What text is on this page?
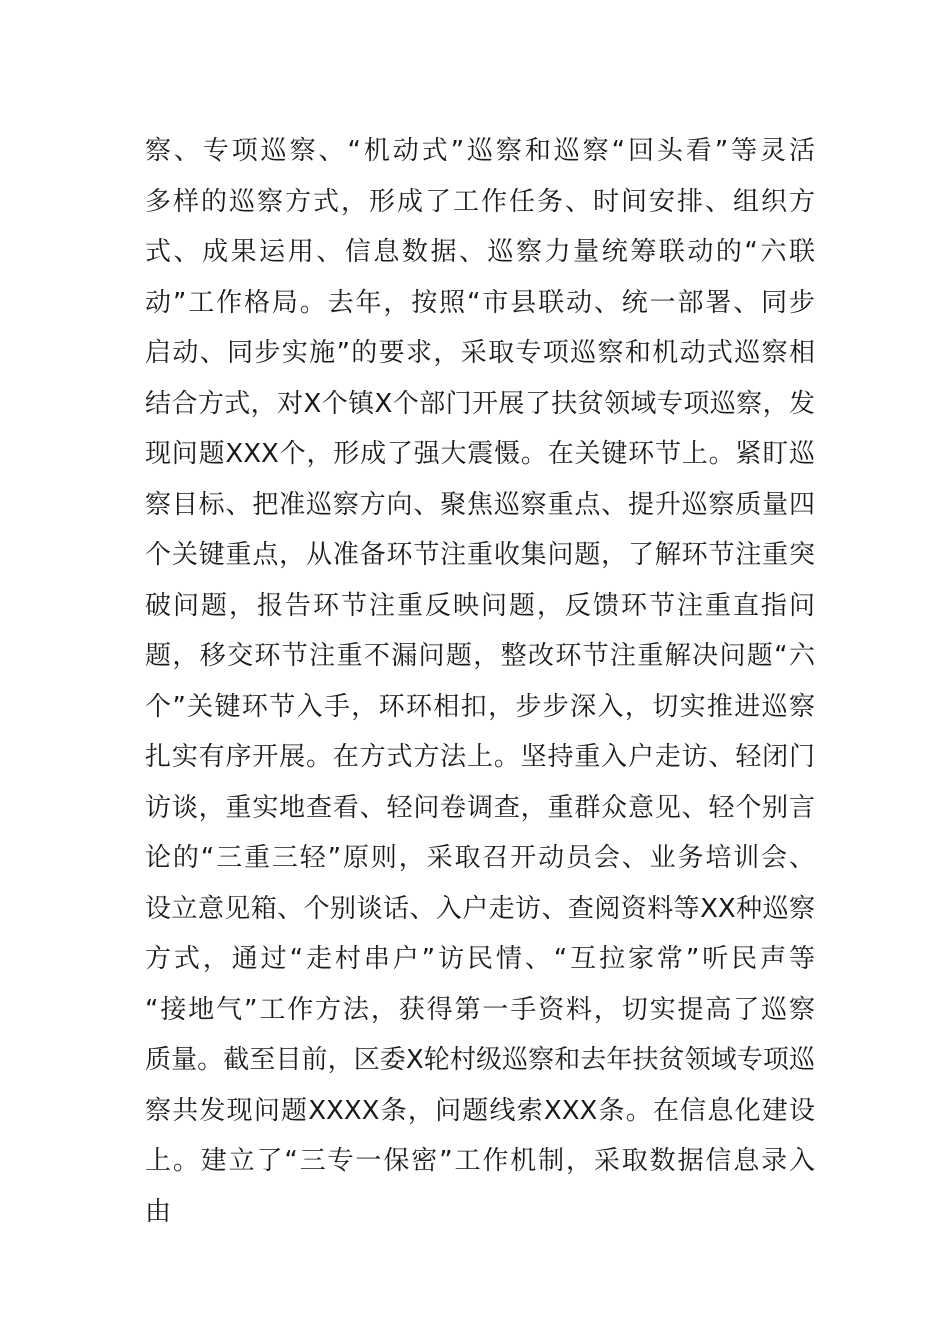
察、专项巡察、“机动式”巡察和巡察“回头看”等灵活
多样的巡察方式，形成了工作任务、时间安排、组织方
式、成果运用、信息数据、巡察力量统筹联动的“六联
动”工作格局。去年，按照“市县联动、统一部署、同步
启动、同步实施”的要求，采取专项巡察和机动式巡察相
结合方式，对X个镇X个部门开展了扶贫领域专项巡察，发
现问题XXX个，形成了强大震慑。在关键环节上。紧盯巡
察目标、把准巡察方向、聚焦巡察重点、提升巡察质量四
个关键重点，从准备环节注重收集问题，了解环节注重突
破问题，报告环节注重反映问题，反馈环节注重直指问
题，移交环节注重不漏问题，整改环节注重解决问题“六
个”关键环节入手，环环相扣，步步深入，切实推进巡察
扎实有序开展。在方式方法上。坚持重入户走访、轻闭门
访谈，重实地查看、轻问卷调查，重群众意见、轻个别言
论的“三重三轻”原则，采取召开动员会、业务培训会、
设立意见箱、个别谈话、入户走访、查阅资料等XX种巡察
方式，通过“走村串户”访民情、“互拉家常”听民声等
“接地气”工作方法，获得第一手资料，切实提高了巡察
质量。截至目前，区委X轮村级巡察和去年扶贫领域专项巡
察共发现问题XXXX条，问题线索XXX条。在信息化建设
上。建立了“三专一保密”工作机制，采取数据信息录入
由
